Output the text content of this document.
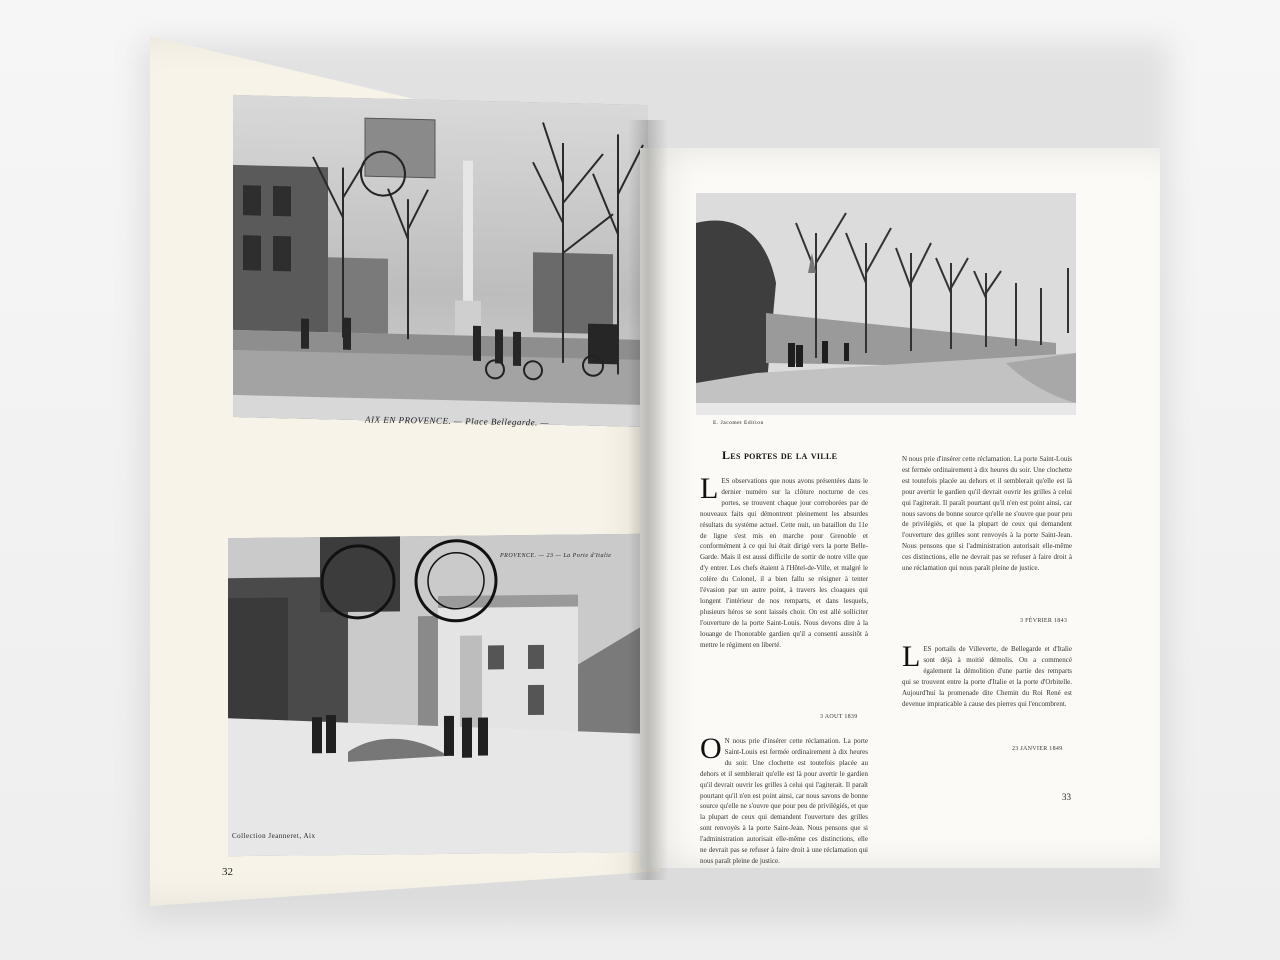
AIX EN PROVENCE. — Place Bellegarde. —
PROVENCE. — 23 — La Porte d'Italie
Collection Jeanneret, Aix
32
E. Jacomet Edition
Les portes de la ville

LES observations que nous avons présentées dans le dernier numéro sur la clôture nocturne de ces portes, se trouvent chaque jour corroborées par de nouveaux faits qui démontrent pleinement les absurdes résultats du système actuel. Cette nuit, un bataillon du 11e de ligne s'est mis en marche pour Grenoble et conformément à ce qui lui était dirigé vers la porte Belle-Garde. Mais il est aussi difficile de sortir de notre ville que d'y entrer. Les chefs étaient à l'Hôtel-de-Ville, et malgré le colère du Colonel, il a bien fallu se résigner à tenter l'évasion par un autre point, à travers les cloaques qui longent l'intérieur de nos remparts, et dans lesquels, plusieurs héros se sont laissés choir. On est allé solliciter l'ouverture de la porte Saint-Louis. Nous devons dire à la louange de l'honorable gardien qu'il a consenti aussitôt à mettre le régiment en liberté.

3 AOUT 1839

O N nous prie d'insérer cette réclamation. La porte Saint-Louis est fermée ordinairement à dix heures du soir. Une clochette est toutefois placée au dehors et il semblerait qu'elle est là pour avertir le gardien qu'il devrait ouvrir les grilles à celui qui l'agiterait. Il paraît pourtant qu'il n'en est point ainsi, car nous savons de bonne source qu'elle ne s'ouvre que pour peu de privilégiés, et que la plupart de ceux qui demandent l'ouverture des grilles sont renvoyés à la porte Saint-Jean. Nous pensons que si l'administration autorisait elle-même ces distinctions, elle ne devrait pas se refuser à faire droit à une réclamation qui nous paraît pleine de justice.

N nous prie d'insérer cette réclamation. La porte Saint-Louis est fermée ordinairement à dix heures du soir. Une clochette est toutefois placée au dehors et il semblerait qu'elle est là pour avertir le gardien qu'il devrait ouvrir les grilles à celui qui l'agiterait. Il paraît pourtant qu'il n'en est point ainsi, car nous savons de bonne source qu'elle ne s'ouvre que pour peu de privilégiés, et que la plupart de ceux qui demandent l'ouverture des grilles sont renvoyés à la porte Saint-Jean. Nous pensons que si l'administration autorisait elle-même ces distinctions, elle ne devrait pas se refuser à faire droit à une réclamation qui nous paraît pleine de justice.

3 FÉVRIER 1843

LES portails de Villeverte, de Bellegarde et d'Italie sont déjà à moitié démolis. On a commencé également la démolition d'une partie des remparts qui se trouvent entre la porte d'Italie et la porte d'Orbitelle. Aujourd'hui la promenade dite Chemin du Roi René est devenue impraticable à cause des pierres qui l'encombrent.

23 JANVIER 1849
33
